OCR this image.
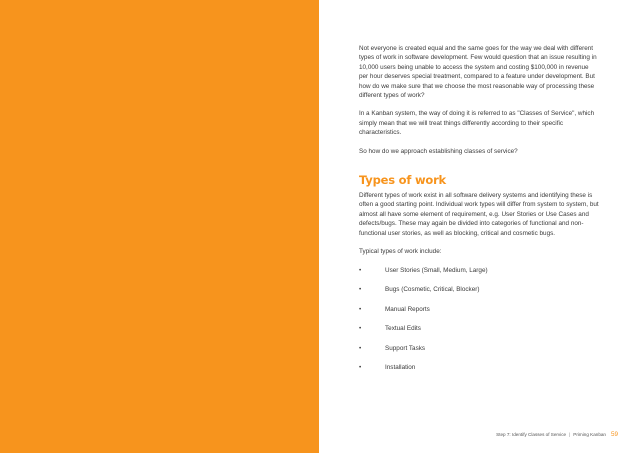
Not everyone is created equal and the same goes for the way we deal with different types of work in software development. Few would question that an issue resulting in 10,000 users being unable to access the system and costing $100,000 in revenue per hour deserves special treatment, compared to a feature under development. But how do we make sure that we choose the most reasonable way of processing these different types of work?

In a Kanban system, the way of doing it is referred to as "Classes of Service", which simply mean that we will treat things differently according to their specific characteristics.

So how do we approach establishing classes of service?

Types of work

Different types of work exist in all software delivery systems and identifying these is often a good starting point. Individual work types will differ from system to system, but almost all have some element of requirement, e.g. User Stories or Use Cases and defects/bugs. These may again be divided into categories of functional and non-functional user stories, as well as blocking, critical and cosmetic bugs.

Typical types of work include:

•	User Stories (Small, Medium, Large)
•	Bugs (Cosmetic, Critical, Blocker)
•	Manual Reports
•	Textual Edits
•	Support Tasks
•	Installation
Step 7: Identify Classes of Service | Priming Kanban 59
